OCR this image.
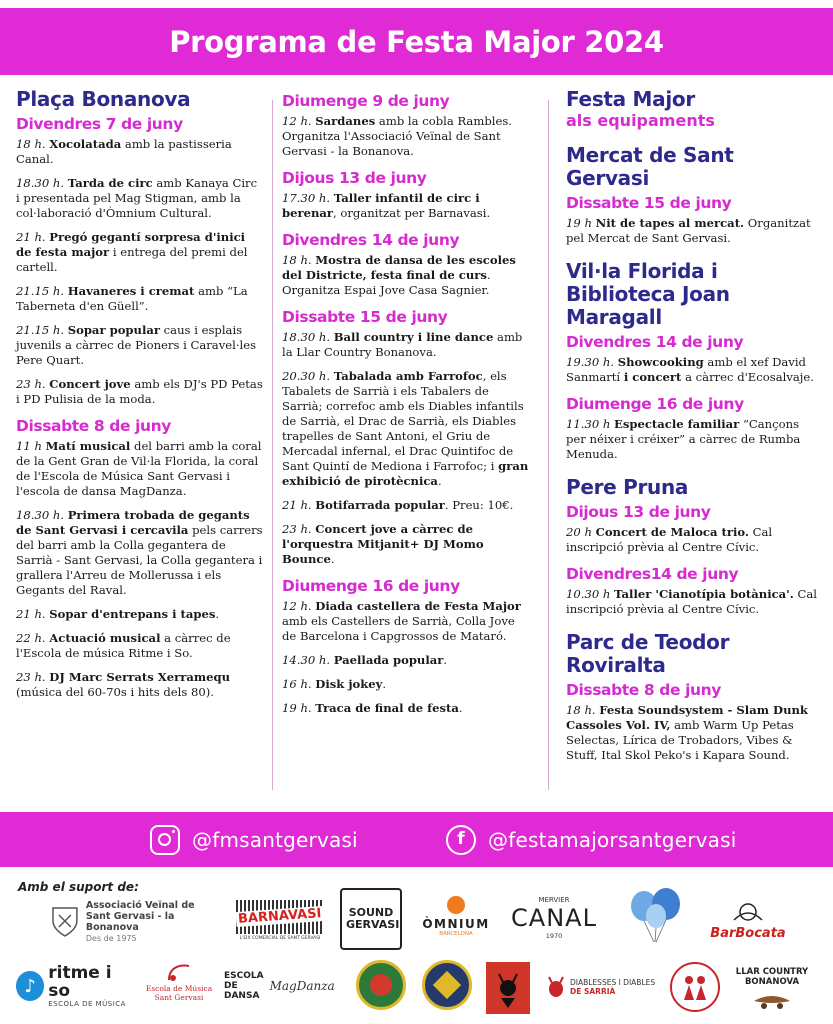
Programa de Festa Major 2024
Plaça Bonanova
Divendres 7 de juny
18 h. Xocolatada amb la pastisseria Canal.
18.30 h. Tarda de circ amb Kanaya Circ i presentada pel Mag Stigman, amb la col·laboració d'Òmnium Cultural.
21 h. Pregó gegantí sorpresa d'inici de festa major i entrega del premi del cartell.
21.15 h. Havaneres i cremat amb “La Taberneta d'en Güell”.
21.15 h. Sopar popular caus i esplais juvenils a càrrec de Pioners i Caravel·les Pere Quart.
23 h. Concert jove amb els DJ's PD Petas i PD Pulisia de la moda.
Dissabte 8 de juny
11 h Matí musical del barri amb la coral de la Gent Gran de Vil·la Florida, la coral de l'Escola de Música Sant Gervasi i l'escola de dansa MagDanza.
18.30 h. Primera trobada de gegants de Sant Gervasi i cercavila pels carrers del barri amb la Colla gegantera de Sarrià - Sant Gervasi, la Colla gegantera i grallera l'Arreu de Mollerussa i els Gegants del Raval.
21 h. Sopar d'entrepans i tapes.
22 h. Actuació musical a càrrec de l'Escola de música Ritme i So.
23 h. DJ Marc Serrats Xerramequ (música del 60-70s i hits dels 80).
Diumenge 9 de juny
12 h. Sardanes amb la cobla Rambles. Organitza l'Associació Veïnal de Sant Gervasi - la Bonanova.
Dijous 13 de juny
17.30 h. Taller infantil de circ i berenar, organitzat per Barnavasi.
Divendres 14 de juny
18 h. Mostra de dansa de les escoles del Districte, festa final de curs. Organitza Espai Jove Casa Sagnier.
Dissabte 15 de juny
18.30 h. Ball country i line dance amb la Llar Country Bonanova.
20.30 h. Tabalada amb Farrofoc, els Tabalets de Sarrià i els Tabalers de Sarrià; correfoc amb els Diables infantils de Sarrià, el Drac de Sarrià, els Diables trapelles de Sant Antoni, el Griu de Mercadal infernal, el Drac Quintifoc de Sant Quintí de Mediona i Farrofoc; i gran exhibició de pirotècnica.
21 h. Botifarrada popular. Preu: 10€.
23 h. Concert jove a càrrec de l'orquestra Mitjanit+ DJ Momo Bounce.
Diumenge 16 de juny
12 h. Diada castellera de Festa Major amb els Castellers de Sarrià, Colla Jove de Barcelona i Capgrossos de Mataró.
14.30 h. Paellada popular.
16 h. Disk jokey.
19 h. Traca de final de festa.
Festa Major
als equipaments
Mercat de Sant Gervasi
Dissabte 15 de juny
19 h Nit de tapes al mercat. Organitzat pel Mercat de Sant Gervasi.
Vil·la Florida i Biblioteca Joan Maragall
Divendres 14 de juny
19.30 h. Showcooking amb el xef David Sanmartí i concert a càrrec d'Ecosalvaje.
Diumenge 16 de juny
11.30 h Espectacle familiar “Cançons per néixer i créixer” a càrrec de Rumba Menuda.
Pere Pruna
Dijous 13 de juny
20 h Concert de Maloca trio. Cal inscripció prèvia al Centre Cívic.
Divendres14 de juny
10.30 h Taller 'Cianotípia botànica'. Cal inscripció prèvia al Centre Cívic.
Parc de Teodor Roviralta
Dissabte 8 de juny
18 h. Festa Soundsystem - Slam Dunk Cassoles Vol. IV, amb Warm Up Petas Selectas, Lírica de Trobadors, Vibes & Stuff, Ital Skol Peko's i Kapara Sound.
@fmsantgervasi	f	@festamajorsantgervasi
Amb el suport de:
Associació Veïnal de
Sant Gervasi - la Bonanova
Des de 1975
BARNAVASI
L'EIX COMERCIAL DE SANT GERVASI
SOUND GERVASI ÒMNIUM
BARCELONA
MERVIER
CANAL
1970	BarBocata
♪
ritme i so
ESCOLA DE MÚSICA
Escola de Música
Sant Gervasi
ESCOLA
DE
DANSA
MagDanza	DIABLESSES I DIABLES
DE SARRIÀ
LLAR COUNTRY
BONANOVA
